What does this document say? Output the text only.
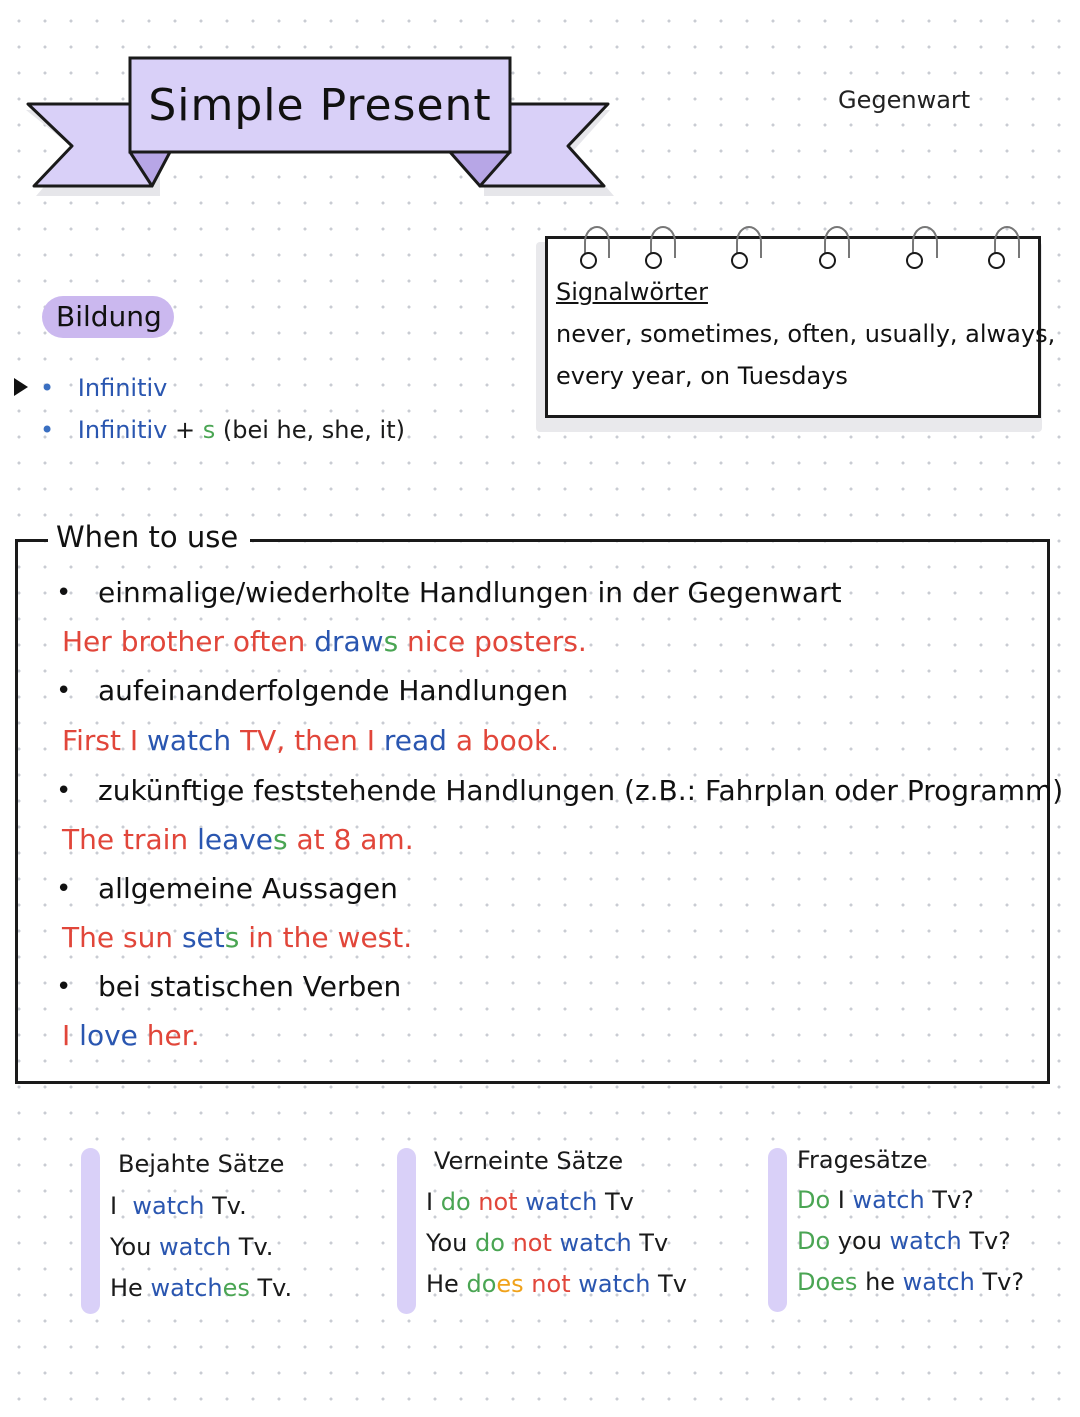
Simple Present	Gegenwart
Bildung
• Infinitiv
• Infinitiv + s (bei he, she, it)
Signalwörter
never, sometimes, often, usually, always,
every year, on Tuesdays
When to use
• einmalige/wiederholte Handlungen in der Gegenwart
Her brother often draws nice posters.
• aufeinanderfolgende Handlungen
First I watch TV, then I read a book.
• zukünftige feststehende Handlungen (z.B.: Fahrplan oder Programm)
The train leaves at 8 am.
• allgemeine Aussagen
The sun sets in the west.
• bei statischen Verben
I love her.
Bejahte Sätze
I  watch Tv.
You watch Tv.
He watches Tv.
Verneinte Sätze
I do not watch Tv
You do not watch Tv
He does not watch Tv
Fragesätze
Do I watch Tv?
Do you watch Tv?
Does he watch Tv?
